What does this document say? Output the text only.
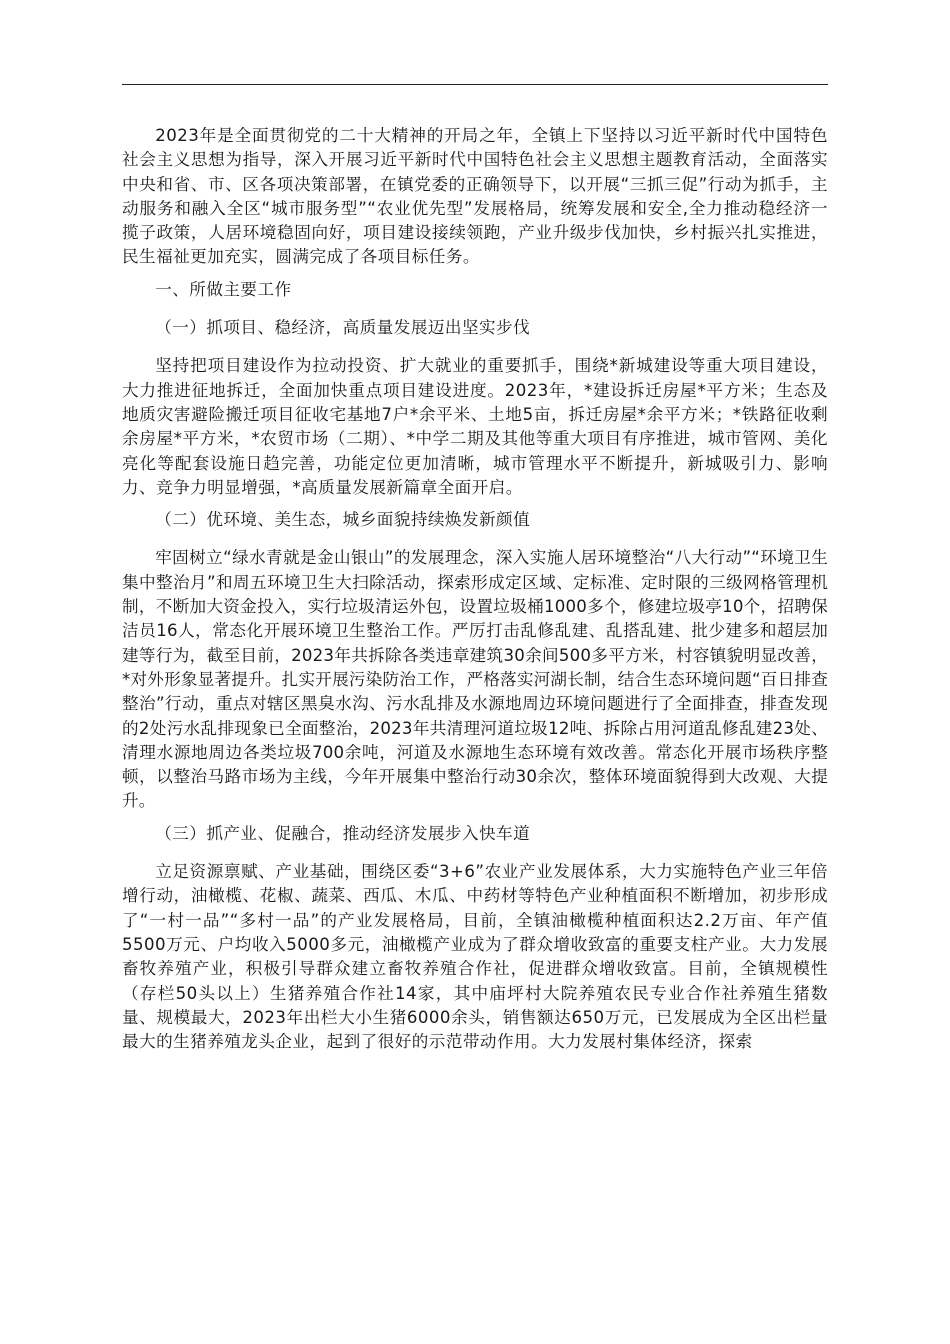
2023年是全面贯彻党的二十大精神的开局之年，全镇上下坚持以习近平新时代中国特色社会主义思想为指导，深入开展习近平新时代中国特色社会主义思想主题教育活动，全面落实中央和省、市、区各项决策部署，在镇党委的正确领导下，以开展“三抓三促”行动为抓手，主动服务和融入全区“城市服务型”“农业优先型”发展格局，统筹发展和安全,全力推动稳经济一揽子政策，人居环境稳固向好，项目建设接续领跑，产业升级步伐加快，乡村振兴扎实推进，民生福祉更加充实，圆满完成了各项目标任务。

一、所做主要工作

（一）抓项目、稳经济，高质量发展迈出坚实步伐

坚持把项目建设作为拉动投资、扩大就业的重要抓手，围绕*新城建设等重大项目建设，大力推进征地拆迁，全面加快重点项目建设进度。2023年，*建设拆迁房屋*平方米；生态及地质灾害避险搬迁项目征收宅基地7户*余平米、土地5亩，拆迁房屋*余平方米；*铁路征收剩余房屋*平方米，*农贸市场（二期）、*中学二期及其他等重大项目有序推进，城市管网、美化亮化等配套设施日趋完善，功能定位更加清晰，城市管理水平不断提升，新城吸引力、影响力、竞争力明显增强，*高质量发展新篇章全面开启。

（二）优环境、美生态，城乡面貌持续焕发新颜值

牢固树立“绿水青就是金山银山”的发展理念，深入实施人居环境整治“八大行动”“环境卫生集中整治月”和周五环境卫生大扫除活动，探索形成定区域、定标准、定时限的三级网格管理机制，不断加大资金投入，实行垃圾清运外包，设置垃圾桶1000多个，修建垃圾亭10个，招聘保洁员16人，常态化开展环境卫生整治工作。严厉打击乱修乱建、乱搭乱建、批少建多和超层加建等行为，截至目前，2023年共拆除各类违章建筑30余间500多平方米，村容镇貌明显改善，*对外形象显著提升。扎实开展污染防治工作，严格落实河湖长制，结合生态环境问题“百日排查整治”行动，重点对辖区黑臭水沟、污水乱排及水源地周边环境问题进行了全面排查，排查发现的2处污水乱排现象已全面整治，2023年共清理河道垃圾12吨、拆除占用河道乱修乱建23处、清理水源地周边各类垃圾700余吨，河道及水源地生态环境有效改善。常态化开展市场秩序整顿，以整治马路市场为主线，今年开展集中整治行动30余次，整体环境面貌得到大改观、大提升。

（三）抓产业、促融合，推动经济发展步入快车道

立足资源禀赋、产业基础，围绕区委“3+6”农业产业发展体系，大力实施特色产业三年倍增行动，油橄榄、花椒、蔬菜、西瓜、木瓜、中药材等特色产业种植面积不断增加，初步形成了“一村一品”“多村一品”的产业发展格局，目前，全镇油橄榄种植面积达2.2万亩、年产值5500万元、户均收入5000多元，油橄榄产业成为了群众增收致富的重要支柱产业。大力发展畜牧养殖产业，积极引导群众建立畜牧养殖合作社，促进群众增收致富。目前，全镇规模性（存栏50头以上）生猪养殖合作社14家，其中庙坪村大院养殖农民专业合作社养殖生猪数量、规模最大，2023年出栏大小生猪6000余头，销售额达650万元，已发展成为全区出栏量最大的生猪养殖龙头企业，起到了很好的示范带动作用。大力发展村集体经济，探索
